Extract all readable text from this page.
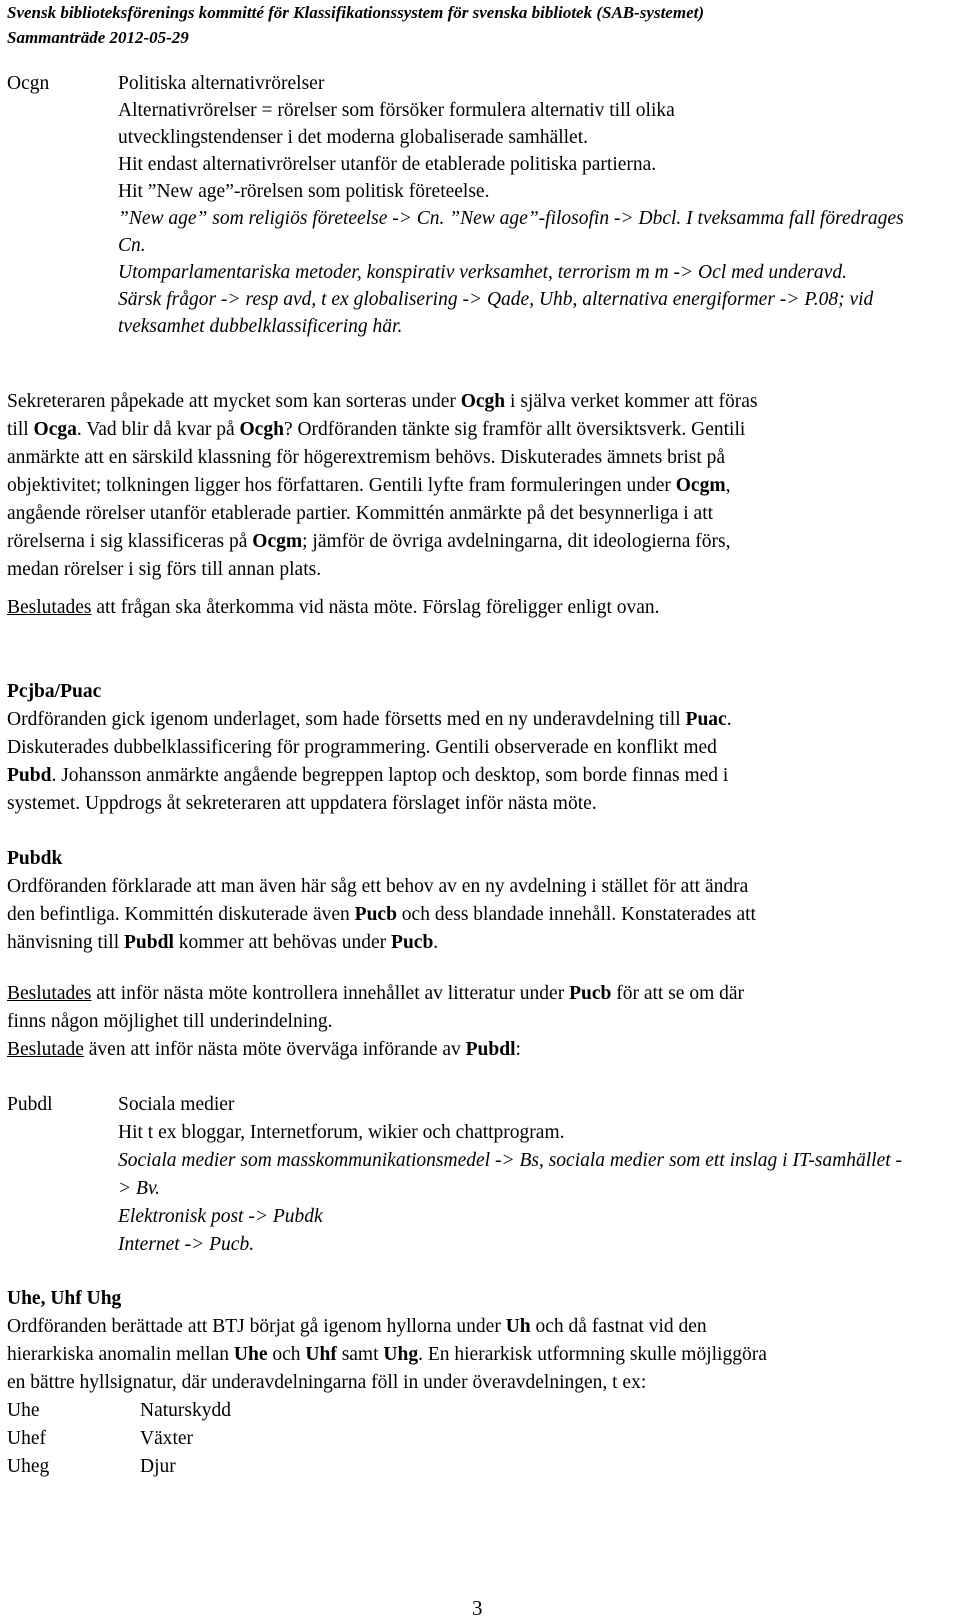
Svensk biblioteksförenings kommitté för Klassifikationssystem för svenska bibliotek (SAB-systemet)
Sammanträde 2012-05-29
Ocgn	Politiska alternativrörelser
Alternativrörelser = rörelser som försöker formulera alternativ till olika
utvecklingstendenser i det moderna globaliserade samhället.
Hit endast alternativrörelser utanför de etablerade politiska partierna.
Hit ”New age”-rörelsen som politisk företeelse.
”New age” som religiös företeelse -> Cn. ”New age”-filosofin -> Dbcl. I tveksamma fall föredrages
Cn.
Utomparlamentariska metoder, konspirativ verksamhet, terrorism m m -> Ocl med underavd.
Särsk frågor -> resp avd, t ex globalisering -> Qade, Uhb, alternativa energiformer -> P.08; vid
tveksamhet dubbelklassificering här.
Sekreteraren påpekade att mycket som kan sorteras under Ocgh i själva verket kommer att föras
till Ocga. Vad blir då kvar på Ocgh? Ordföranden tänkte sig framför allt översiktsverk. Gentili
anmärkte att en särskild klassning för högerextremism behövs. Diskuterades ämnets brist på
objektivitet; tolkningen ligger hos författaren. Gentili lyfte fram formuleringen under Ocgm,
angående rörelser utanför etablerade partier. Kommittén anmärkte på det besynnerliga i att
rörelserna i sig klassificeras på Ocgm; jämför de övriga avdelningarna, dit ideologierna förs,
medan rörelser i sig förs till annan plats.
Beslutades att frågan ska återkomma vid nästa möte. Förslag föreligger enligt ovan.
Pcjba/Puac
Ordföranden gick igenom underlaget, som hade försetts med en ny underavdelning till Puac.
Diskuterades dubbelklassificering för programmering. Gentili observerade en konflikt med
Pubd. Johansson anmärkte angående begreppen laptop och desktop, som borde finnas med i
systemet. Uppdrogs åt sekreteraren att uppdatera förslaget inför nästa möte.
Pubdk
Ordföranden förklarade att man även här såg ett behov av en ny avdelning i stället för att ändra
den befintliga. Kommittén diskuterade även Pucb och dess blandade innehåll. Konstaterades att
hänvisning till Pubdl kommer att behövas under Pucb.
Beslutades att inför nästa möte kontrollera innehållet av litteratur under Pucb för att se om där
finns någon möjlighet till underindelning.
Beslutade även att inför nästa möte överväga införande av Pubdl:
Pubdl	Sociala medier
Hit t ex bloggar, Internetforum, wikier och chattprogram.
Sociala medier som masskommunikationsmedel -> Bs, sociala medier som ett inslag i IT-samhället -
> Bv.
Elektronisk post -> Pubdk
Internet -> Pucb.
Uhe, Uhf Uhg
Ordföranden berättade att BTJ börjat gå igenom hyllorna under Uh och då fastnat vid den
hierarkiska anomalin mellan Uhe och Uhf samt Uhg. En hierarkisk utformning skulle möjliggöra
en bättre hyllsignatur, där underavdelningarna föll in under överavdelningen, t ex:
Uhe	Naturskydd
Uhef	Växter
Uheg	Djur
3
